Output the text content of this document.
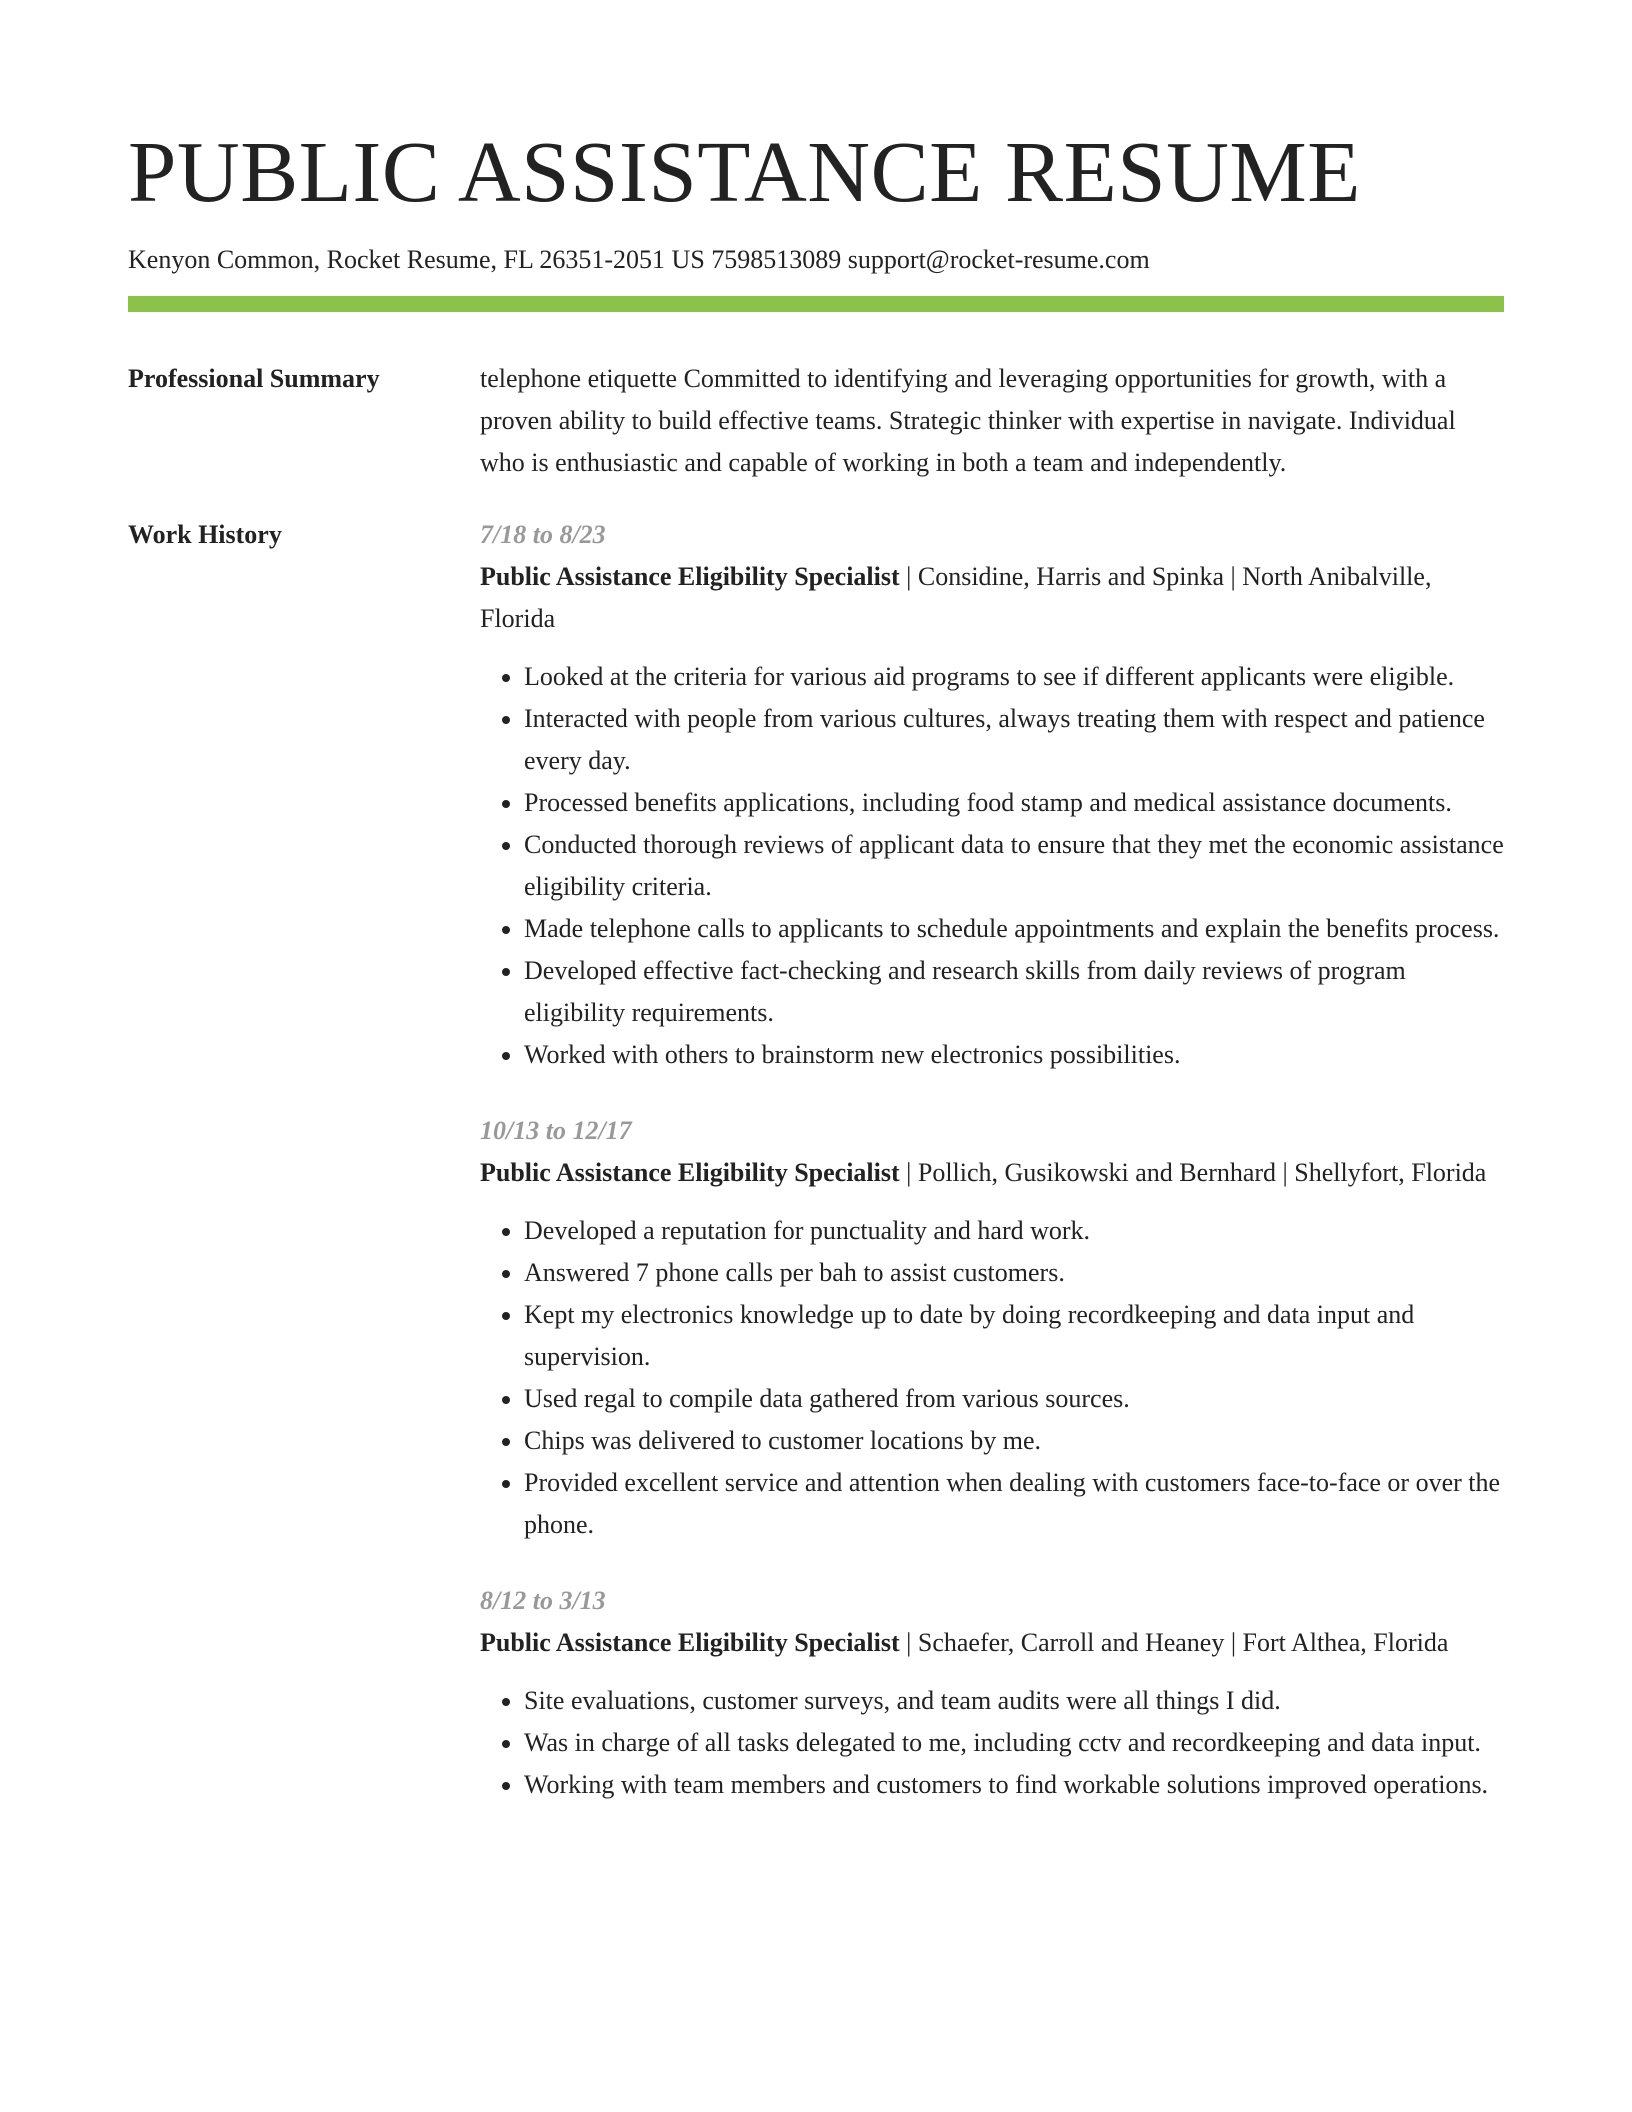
PUBLIC ASSISTANCE RESUME
Kenyon Common, Rocket Resume, FL 26351-2051 US 7598513089 support@rocket-resume.com
Professional Summary	telephone etiquette Committed to identifying and leveraging opportunities for growth, with a proven ability to build effective teams. Strategic thinker with expertise in navigate. Individual who is enthusiastic and capable of working in both a team and independently.

Work History	7/18 to 8/23
Public Assistance Eligibility Specialist | Considine, Harris and Spinka | North Anibalville, Florida
• Looked at the criteria for various aid programs to see if different applicants were eligible.
• Interacted with people from various cultures, always treating them with respect and patience every day.
• Processed benefits applications, including food stamp and medical assistance documents.
• Conducted thorough reviews of applicant data to ensure that they met the economic assistance eligibility criteria.
• Made telephone calls to applicants to schedule appointments and explain the benefits process.
• Developed effective fact-checking and research skills from daily reviews of program eligibility requirements.
• Worked with others to brainstorm new electronics possibilities.
10/13 to 12/17
Public Assistance Eligibility Specialist | Pollich, Gusikowski and Bernhard | Shellyfort, Florida
• Developed a reputation for punctuality and hard work.
• Answered 7 phone calls per bah to assist customers.
• Kept my electronics knowledge up to date by doing recordkeeping and data input and supervision.
• Used regal to compile data gathered from various sources.
• Chips was delivered to customer locations by me.
• Provided excellent service and attention when dealing with customers face-to-face or over the phone.
8/12 to 3/13
Public Assistance Eligibility Specialist | Schaefer, Carroll and Heaney | Fort Althea, Florida
• Site evaluations, customer surveys, and team audits were all things I did.
• Was in charge of all tasks delegated to me, including cctv and recordkeeping and data input.
• Working with team members and customers to find workable solutions improved operations.
